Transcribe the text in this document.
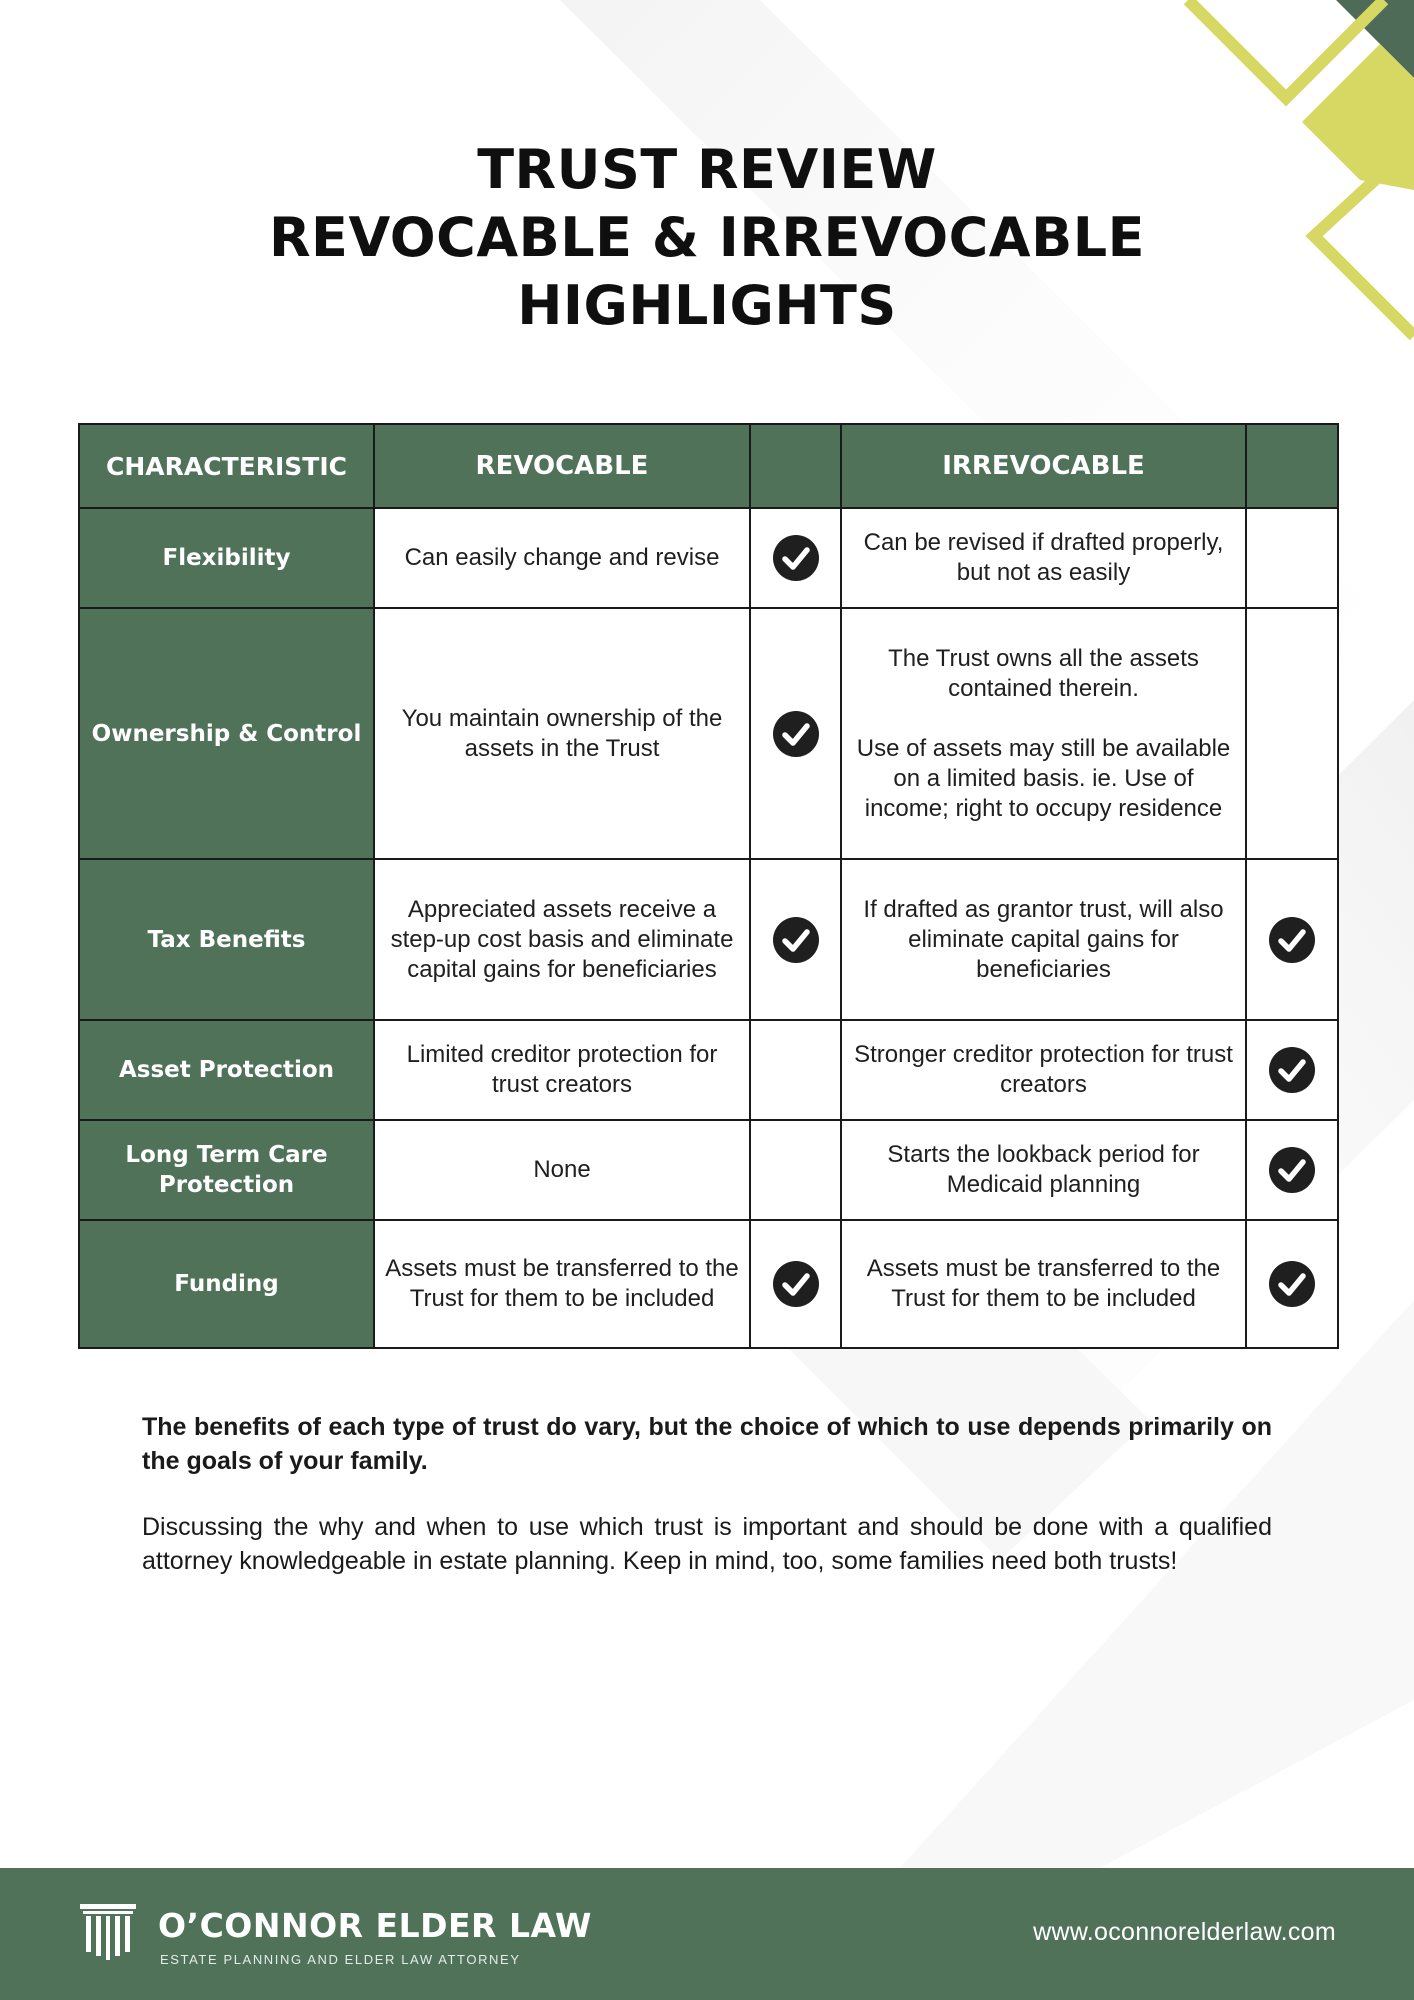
TRUST REVIEW
REVOCABLE & IRREVOCABLE
HIGHLIGHTS
CHARACTERISTIC	REVOCABLE		IRREVOCABLE	
Flexibility	Can easily change and revise		Can be revised if drafted properly, but not as easily	
Ownership & Control	You maintain ownership of the assets in the Trust		The Trust owns all the assets contained therein.
Use of assets may still be available on a limited basis. ie. Use of income; right to occupy residence	

Tax Benefits	Appreciated assets receive a step-up cost basis and eliminate capital gains for beneficiaries		If drafted as grantor trust, will also eliminate capital gains for beneficiaries	
Asset Protection	Limited creditor protection for trust creators		Stronger creditor protection for trust creators	
Long Term Care Protection	None		Starts the lookback period for Medicaid planning	
Funding	Assets must be transferred to the Trust for them to be included		Assets must be transferred to the Trust for them to be included	

The benefits of each type of trust do vary, but the choice of which to use depends primarily on the goals of your family.

Discussing the why and when to use which trust is important and should be done with a qualified attorney knowledgeable in estate planning. Keep in mind, too, some families need both trusts!

O’CONNOR ELDER LAW
ESTATE PLANNING AND ELDER LAW ATTORNEY
www.oconnorelderlaw.com
